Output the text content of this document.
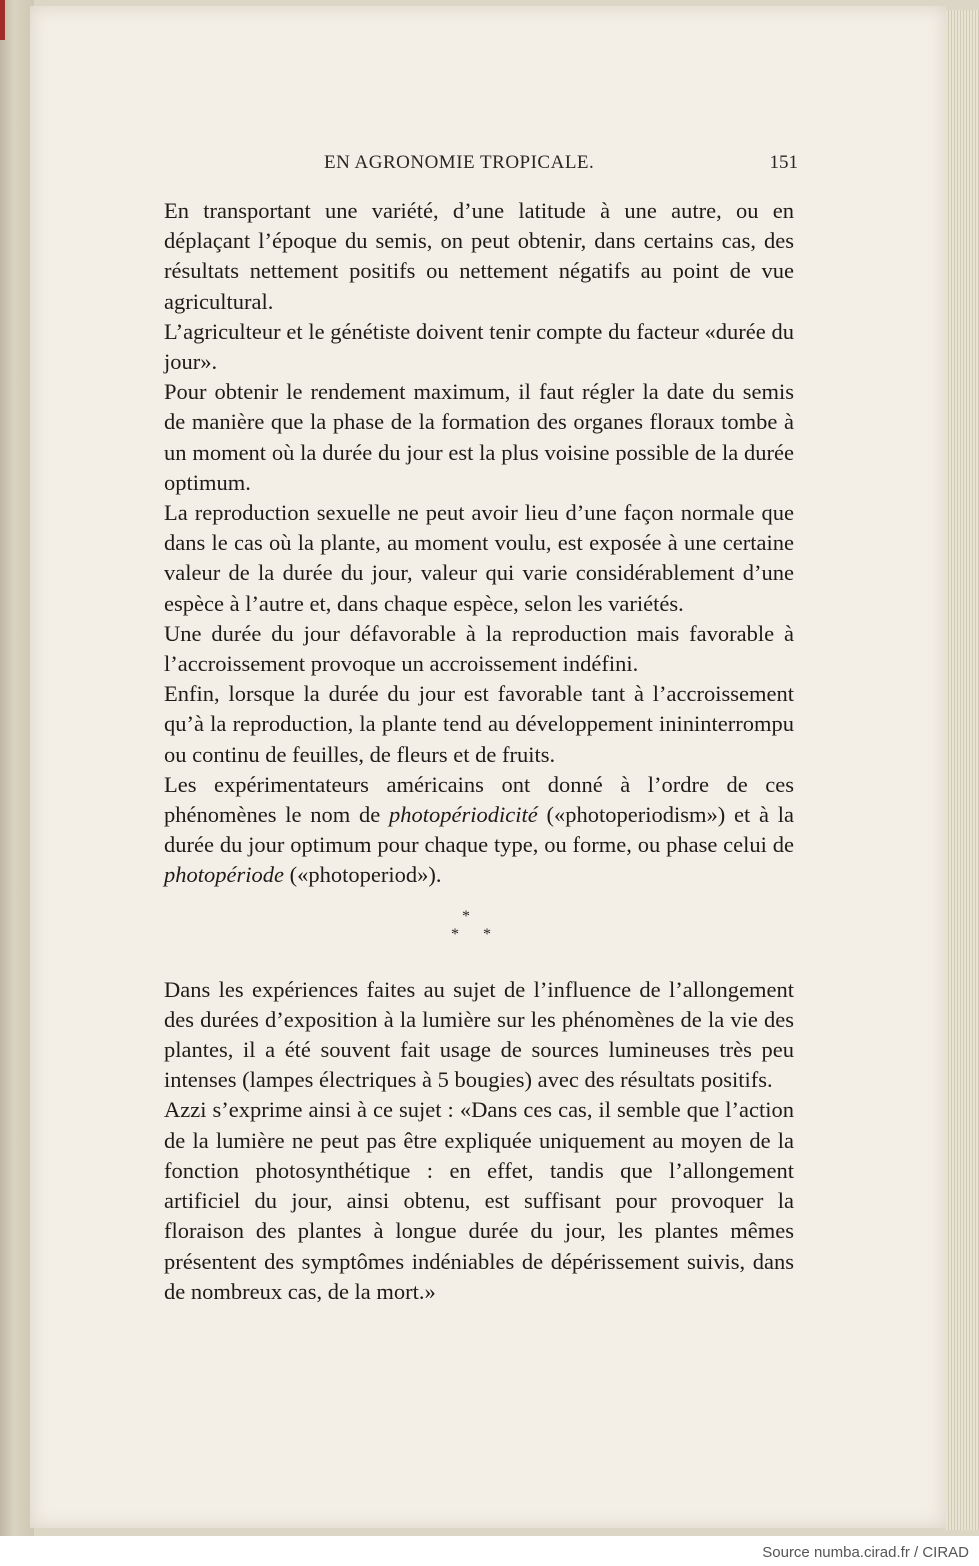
EN AGRONOMIE TROPICALE.	151

En transportant une variété, d’une latitude à une autre, ou en déplaçant l’époque du semis, on peut obtenir, dans certains cas, des résultats nettement positifs ou nettement négatifs au point de vue agricultural.

L’agriculteur et le génétiste doivent tenir compte du facteur «durée du jour».

Pour obtenir le rendement maximum, il faut régler la date du semis de manière que la phase de la formation des organes floraux tombe à un moment où la durée du jour est la plus voisine possible de la durée optimum.

La reproduction sexuelle ne peut avoir lieu d’une façon normale que dans le cas où la plante, au moment voulu, est exposée à une certaine valeur de la durée du jour, valeur qui varie considérablement d’une espèce à l’autre et, dans chaque espèce, selon les variétés.

Une durée du jour défavorable à la reproduction mais favorable à l’accroissement provoque un accroissement indéfini.

Enfin, lorsque la durée du jour est favorable tant à l’accroissement qu’à la reproduction, la plante tend au développement inininterrompu ou continu de feuilles, de fleurs et de fruits.

Les expérimentateurs américains ont donné à l’ordre de ces phénomènes le nom de photopériodicité («photoperiodism») et à la durée du jour optimum pour chaque type, ou forme, ou phase celui de photopériode («photoperiod»).

*
* *

Dans les expériences faites au sujet de l’influence de l’allongement des durées d’exposition à la lumière sur les phénomènes de la vie des plantes, il a été souvent fait usage de sources lumineuses très peu intenses (lampes électriques à 5 bougies) avec des résultats positifs.

Azzi s’exprime ainsi à ce sujet : «Dans ces cas, il semble que l’action de la lumière ne peut pas être expliquée uniquement au moyen de la fonction photosynthétique : en effet, tandis que l’allongement artificiel du jour, ainsi obtenu, est suffisant pour provoquer la floraison des plantes à longue durée du jour, les plantes mêmes présentent des symptômes indéniables de dépérissement suivis, dans de nombreux cas, de la mort.»

Source numba.cirad.fr / CIRAD
